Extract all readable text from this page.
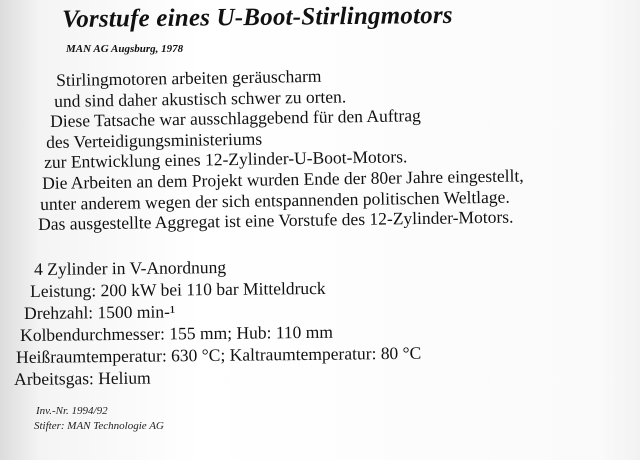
Vorstufe eines U-Boot-Stirlingmotors
MAN AG Augsburg, 1978
Stirlingmotoren arbeiten geräuscharm
und sind daher akustisch schwer zu orten.
Diese Tatsache war ausschlaggebend für den Auftrag
des Verteidigungsministeriums
zur Entwicklung eines 12-Zylinder-U-Boot-Motors.
Die Arbeiten an dem Projekt wurden Ende der 80er Jahre eingestellt,
unter anderem wegen der sich entspannenden politischen Weltlage.
Das ausgestellte Aggregat ist eine Vorstufe des 12-Zylinder-Motors.
4 Zylinder in V-Anordnung
Leistung: 200 kW bei 110 bar Mitteldruck
Drehzahl: 1500 min-¹
Kolbendurchmesser: 155 mm; Hub: 110 mm
Heißraumtemperatur: 630 °C; Kaltraumtemperatur: 80 °C
Arbeitsgas: Helium
Inv.-Nr. 1994/92
Stifter: MAN Technologie AG
